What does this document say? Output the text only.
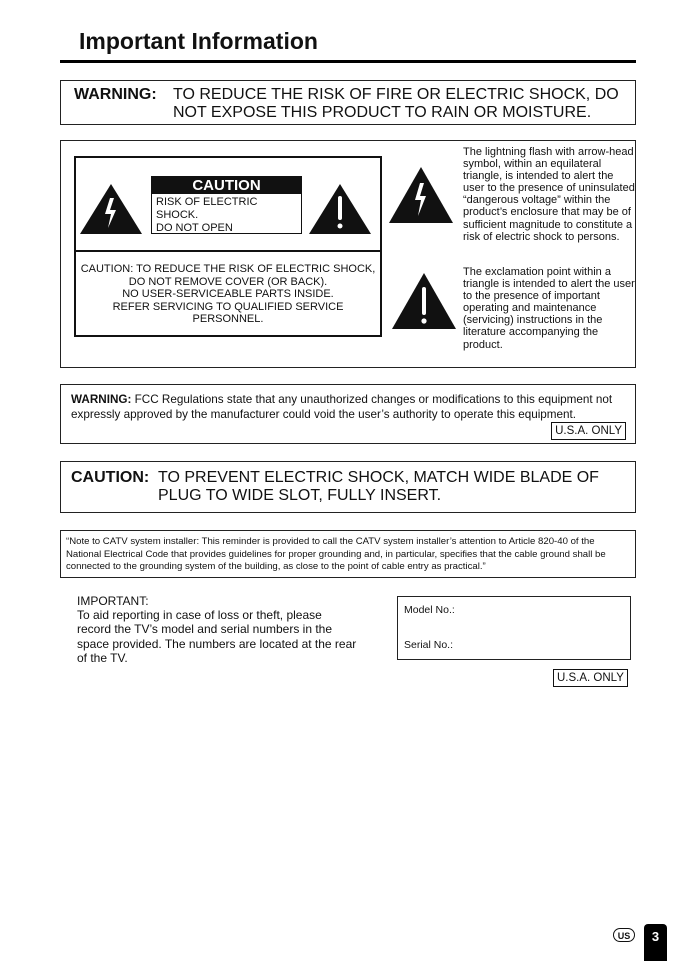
Important Information
WARNING: TO REDUCE THE RISK OF FIRE OR ELECTRIC SHOCK, DO NOT EXPOSE THIS PRODUCT TO RAIN OR MOISTURE.
CAUTION
RISK OF ELECTRIC SHOCK.
DO NOT OPEN
CAUTION: TO REDUCE THE RISK OF ELECTRIC SHOCK,
DO NOT REMOVE COVER (OR BACK).
NO USER-SERVICEABLE PARTS INSIDE.
REFER SERVICING TO QUALIFIED SERVICE
PERSONNEL.
The lightning flash with arrow-head symbol, within an equilateral triangle, is intended to alert the user to the presence of uninsulated “dangerous voltage” within the product’s enclosure that may be of sufficient magnitude to constitute a risk of electric shock to persons.
The exclamation point within a triangle is intended to alert the user to the presence of important operating and maintenance (servicing) instructions in the literature accompanying the product.
WARNING: FCC Regulations state that any unauthorized changes or modifications to this equipment not expressly approved by the manufacturer could void the user’s authority to operate this equipment.
U.S.A. ONLY
CAUTION: TO PREVENT ELECTRIC SHOCK, MATCH WIDE BLADE OF PLUG TO WIDE SLOT, FULLY INSERT.
“Note to CATV system installer: This reminder is provided to call the CATV system installer’s attention to Article 820-40 of the National Electrical Code that provides guidelines for proper grounding and, in particular, specifies that the cable ground shall be connected to the grounding system of the building, as close to the point of cable entry as practical.”
IMPORTANT:
To aid reporting in case of loss or theft, please record the TV’s model and serial numbers in the space provided. The numbers are located at the rear of the TV.
Model No.:
Serial No.:
U.S.A. ONLY
US	3
